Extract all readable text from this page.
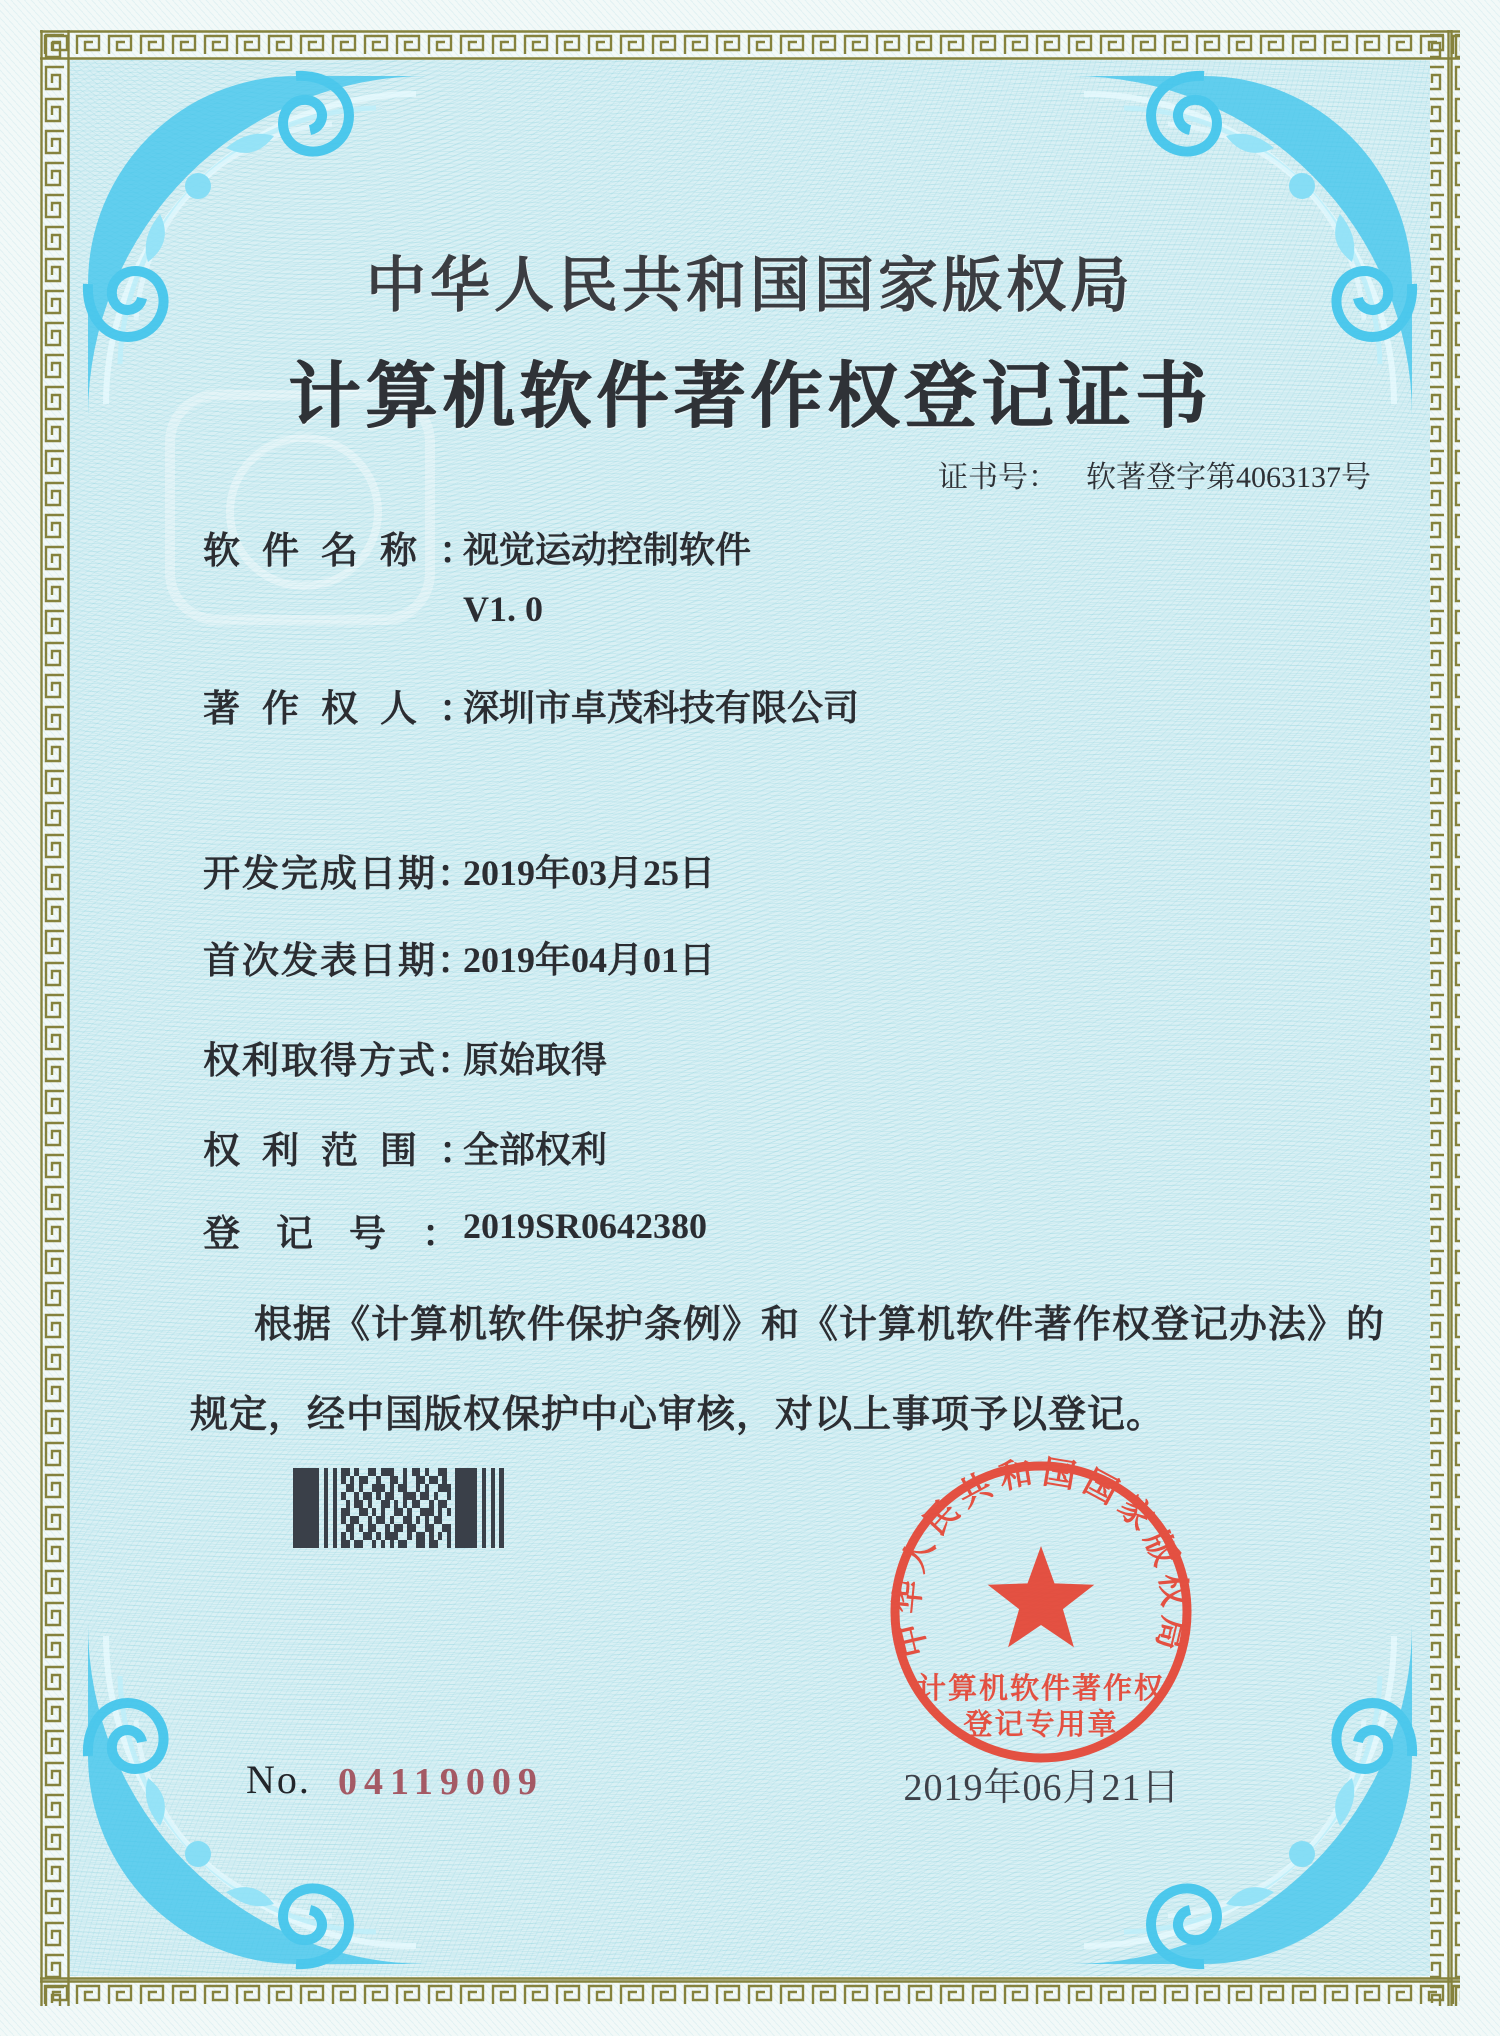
中华人民共和国国家版权局
计算机软件著作权登记证书
证书号： 软著登字第4063137号
软件名称：
视觉运动控制软件
V1. 0
著作权人：
深圳市卓茂科技有限公司
开发完成日期：
2019年03月25日
首次发表日期：
2019年04月01日
权利取得方式：
原始取得
权利范围：
全部权利
登记号：
2019SR0642380
根据《计算机软件保护条例》和《计算机软件著作权登记办法》的
规定，经中国版权保护中心审核，对以上事项予以登记。
中华人民共和国国家版权局
计算机软件著作权
登记专用章
2019年06月21日
No. 04119009
